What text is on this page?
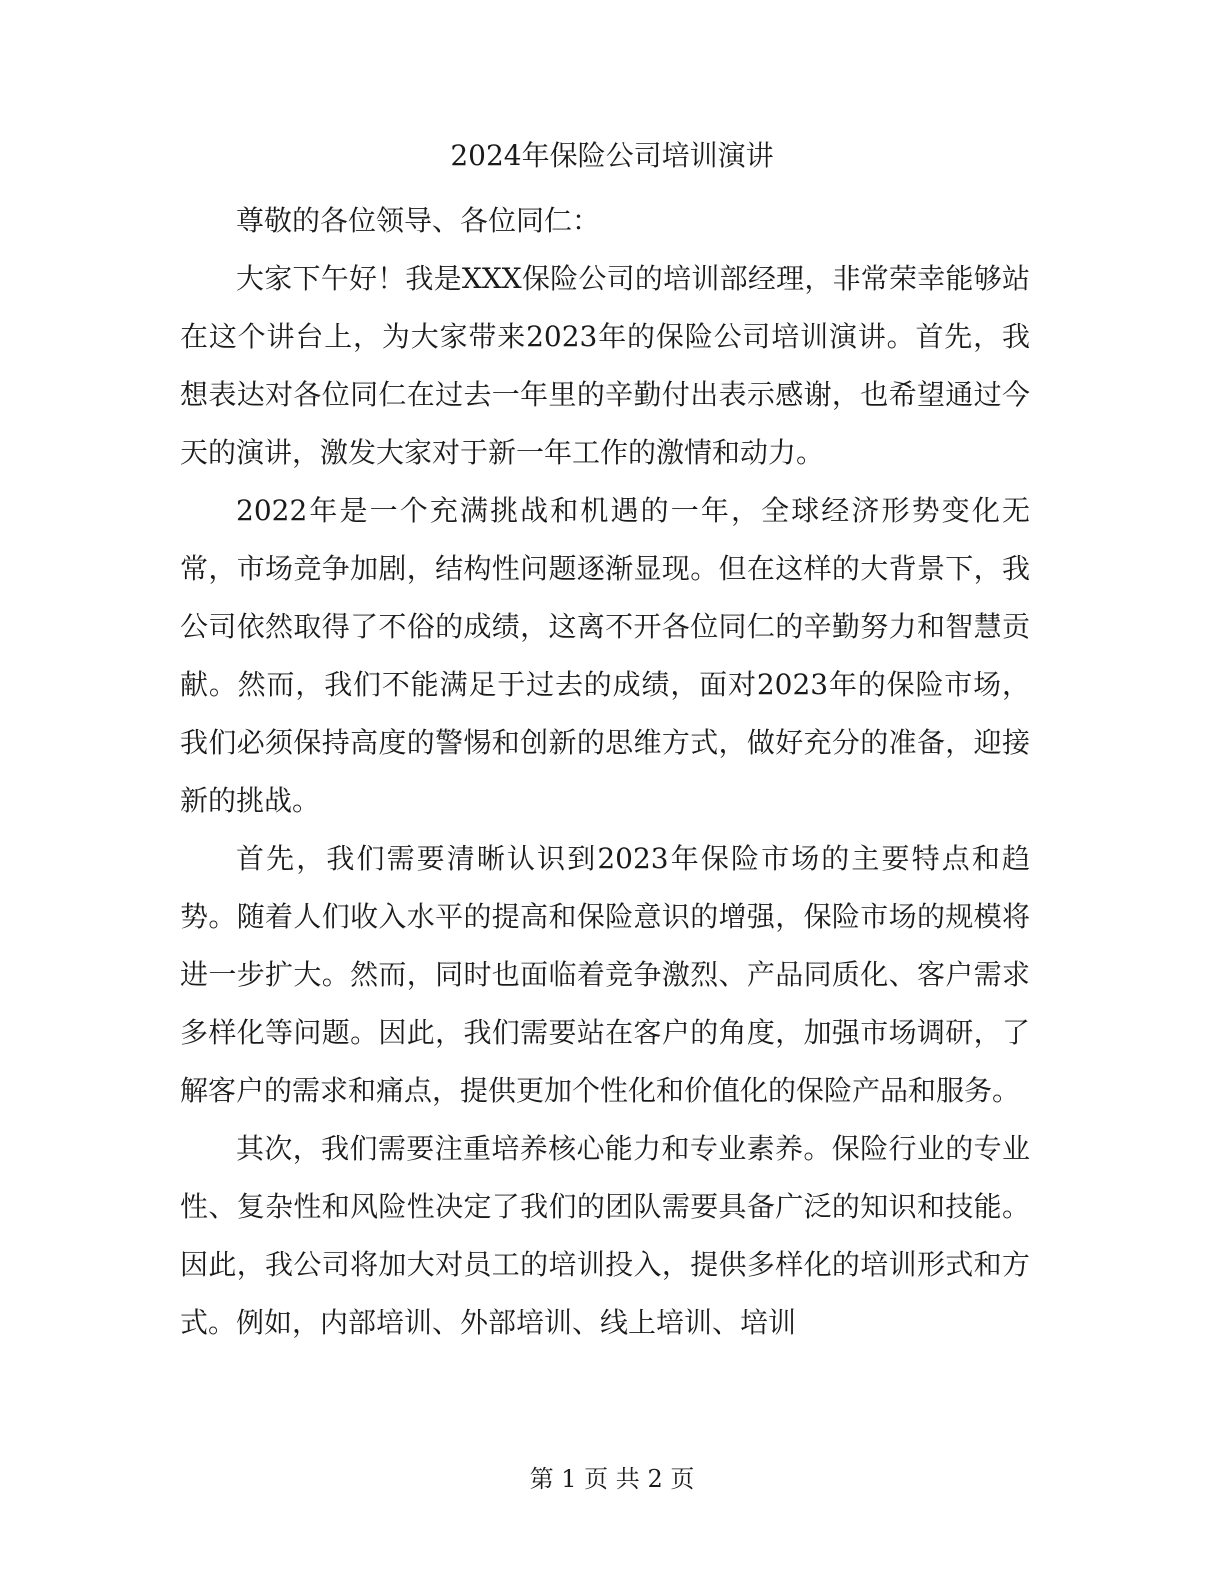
2024年保险公司培训演讲

尊敬的各位领导、各位同仁：

大家下午好！我是XXX保险公司的培训部经理，非常荣幸能够站在这个讲台上，为大家带来2023年的保险公司培训演讲。首先，我想表达对各位同仁在过去一年里的辛勤付出表示感谢，也希望通过今天的演讲，激发大家对于新一年工作的激情和动力。

2022年是一个充满挑战和机遇的一年，全球经济形势变化无常，市场竞争加剧，结构性问题逐渐显现。但在这样的大背景下，我公司依然取得了不俗的成绩，这离不开各位同仁的辛勤努力和智慧贡献。然而，我们不能满足于过去的成绩，面对2023年的保险市场，我们必须保持高度的警惕和创新的思维方式，做好充分的准备，迎接新的挑战。

首先，我们需要清晰认识到2023年保险市场的主要特点和趋势。随着人们收入水平的提高和保险意识的增强，保险市场的规模将进一步扩大。然而，同时也面临着竞争激烈、产品同质化、客户需求多样化等问题。因此，我们需要站在客户的角度，加强市场调研，了解客户的需求和痛点，提供更加个性化和价值化的保险产品和服务。

其次，我们需要注重培养核心能力和专业素养。保险行业的专业性、复杂性和风险性决定了我们的团队需要具备广泛的知识和技能。因此，我公司将加大对员工的培训投入，提供多样化的培训形式和方式。例如，内部培训、外部培训、线上培训、培训

第 1 页 共 2 页
